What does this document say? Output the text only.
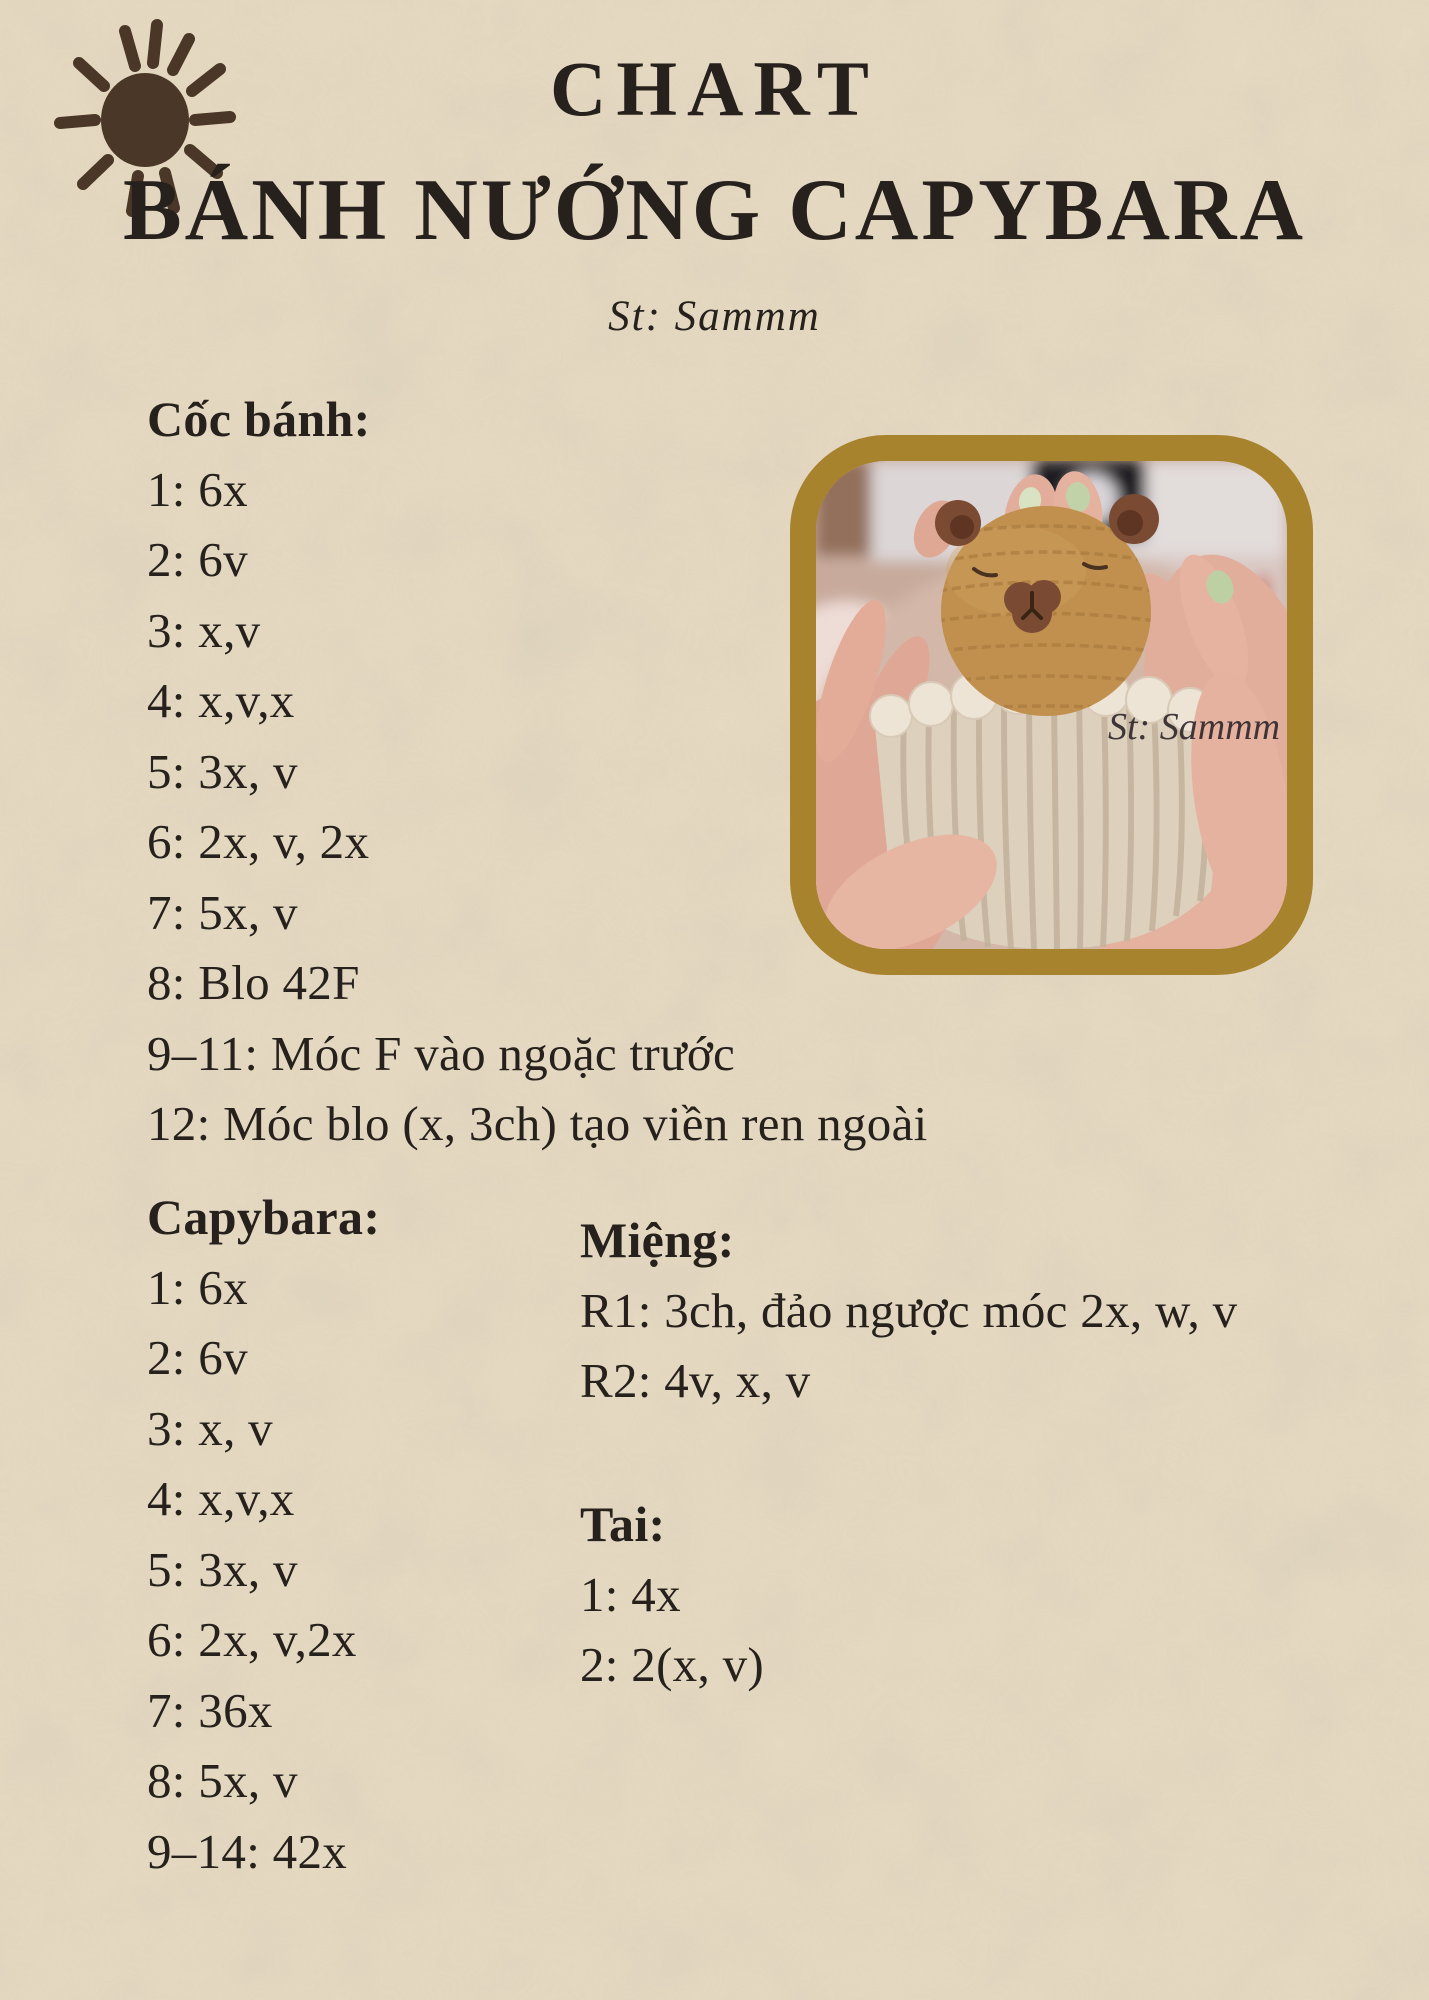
CHART
BÁNH NƯỚNG CAPYBARA
St: Sammm
St: Sammm
Cốc bánh:
1: 6x
2: 6v
3: x,v
4: x,v,x
5: 3x, v
6: 2x, v, 2x
7: 5x, v
8: Blo 42F
9–11: Móc F vào ngoặc trước
12: Móc blo (x, 3ch) tạo viền ren ngoài
Capybara:
1: 6x
2: 6v
3: x, v
4: x,v,x
5: 3x, v
6: 2x, v,2x
7: 36x
8: 5x, v
9–14: 42x
Miệng:
R1: 3ch, đảo ngược móc 2x, w, v
R2: 4v, x, v
Tai:
1: 4x
2: 2(x, v)
